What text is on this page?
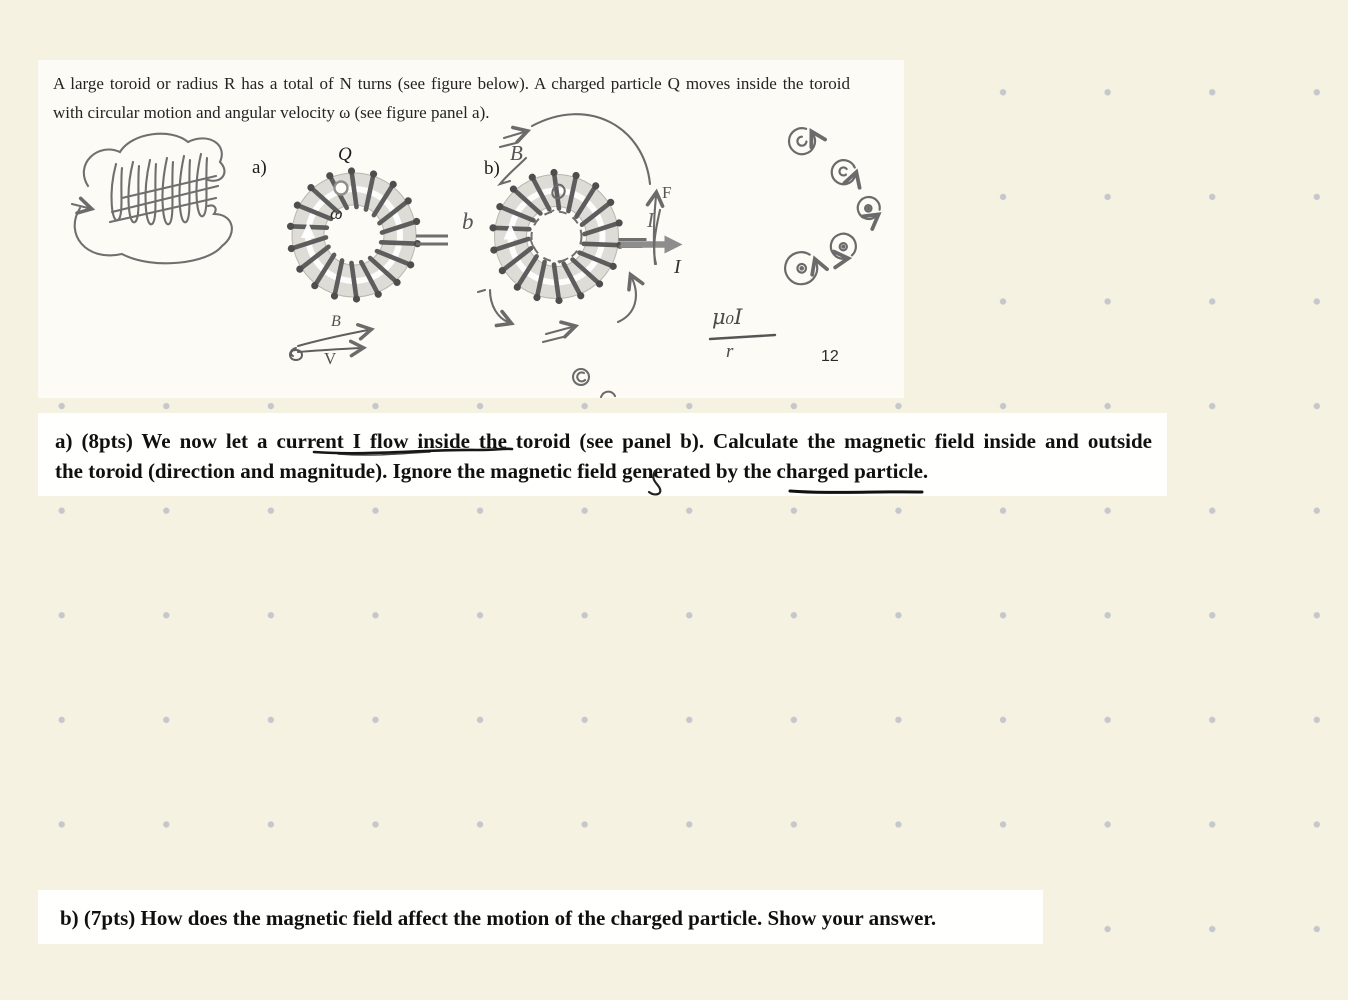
A large toroid or radius R has a total of N turns (see figure below). A charged particle Q moves inside the toroid
with circular motion and angular velocity ω (see figure panel a).
a)
Q
ω
B
V
b)
B
F
I
I
b
μ₀I
r	12
a) (8pts) We now let a current I flow inside the toroid (see panel b). Calculate the magnetic field inside and outside
the toroid (direction and magnitude). Ignore the magnetic field generated by the charged particle.
b) (7pts) How does the magnetic field affect the motion of the charged particle. Show your answer.
